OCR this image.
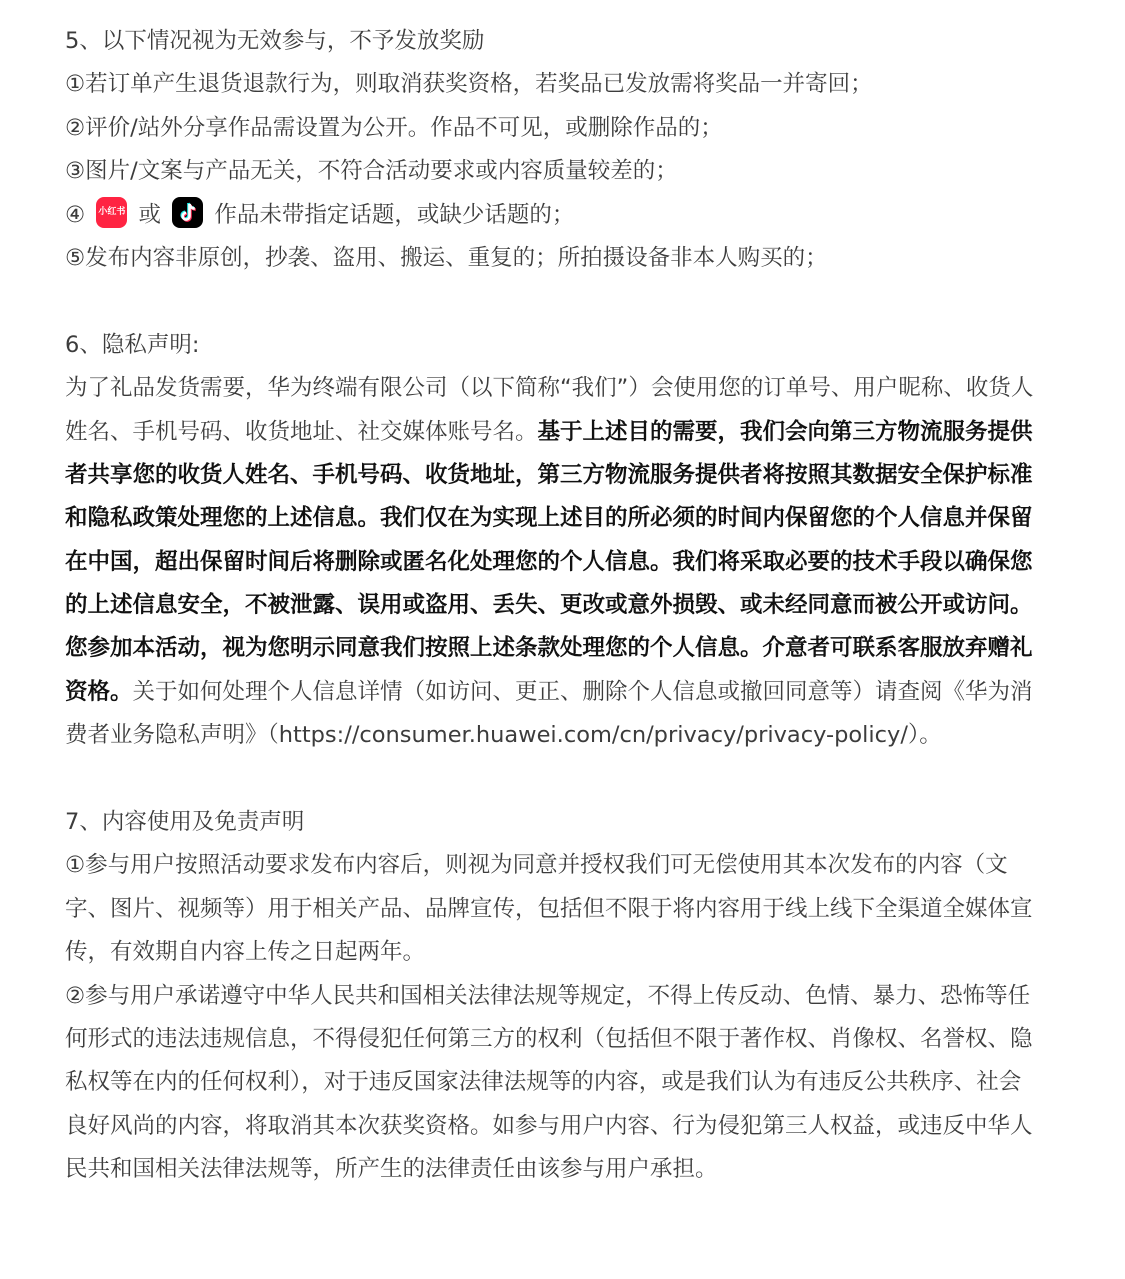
5、以下情况视为无效参与，不予发放奖励
①若订单产生退货退款行为，则取消获奖资格，若奖品已发放需将奖品一并寄回；
②评价/站外分享作品需设置为公开。作品不可见，或删除作品的；
③图片/文案与产品无关，不符合活动要求或内容质量较差的；
④ 小红书 或 作品未带指定话题，或缺少话题的；
⑤发布内容非原创，抄袭、盗用、搬运、重复的；所拍摄设备非本人购买的；
6、隐私声明:
为了礼品发货需要，华为终端有限公司（以下简称“我们”）会使用您的订单号、用户昵称、收货人
姓名、手机号码、收货地址、社交媒体账号名。基于上述目的需要，我们会向第三方物流服务提供
者共享您的收货人姓名、手机号码、收货地址，第三方物流服务提供者将按照其数据安全保护标准
和隐私政策处理您的上述信息。我们仅在为实现上述目的所必须的时间内保留您的个人信息并保留
在中国，超出保留时间后将删除或匿名化处理您的个人信息。我们将采取必要的技术手段以确保您
的上述信息安全，不被泄露、误用或盗用、丢失、更改或意外损毁、或未经同意而被公开或访问。
您参加本活动，视为您明示同意我们按照上述条款处理您的个人信息。介意者可联系客服放弃赠礼
资格。关于如何处理个人信息详情（如访问、更正、删除个人信息或撤回同意等）请查阅《华为消
费者业务隐私声明》（https://consumer.huawei.com/cn/privacy/privacy-policy/）。
7、内容使用及免责声明
①参与用户按照活动要求发布内容后，则视为同意并授权我们可无偿使用其本次发布的内容（文
字、图片、视频等）用于相关产品、品牌宣传，包括但不限于将内容用于线上线下全渠道全媒体宣
传，有效期自内容上传之日起两年。
②参与用户承诺遵守中华人民共和国相关法律法规等规定，不得上传反动、色情、暴力、恐怖等任
何形式的违法违规信息，不得侵犯任何第三方的权利（包括但不限于著作权、肖像权、名誉权、隐
私权等在内的任何权利），对于违反国家法律法规等的内容，或是我们认为有违反公共秩序、社会
良好风尚的内容，将取消其本次获奖资格。如参与用户内容、行为侵犯第三人权益，或违反中华人
民共和国相关法律法规等，所产生的法律责任由该参与用户承担。
